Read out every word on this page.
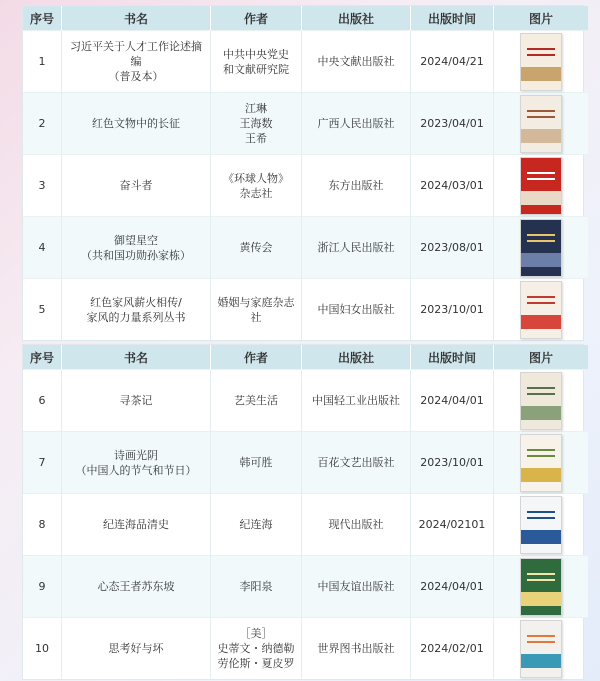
序号	书名	作者	出版社	出版时间	图片

1	习近平关于人才工作论述摘编
（普及本）	中共中央党史
和文献研究院	中央文献出版社	2024/04/21	

2	红色文物中的长征	江琳
王海数
王希	广西人民出版社	2023/04/01	

3	奋斗者	《环球人物》
杂志社	东方出版社	2024/03/01	

4	御望星空
（共和国功勋孙家栋）	黄传会	浙江人民出版社	2023/08/01	

5	红色家风薪火相传/
家风的力量系列丛书	婚姻与家庭杂志社	中国妇女出版社	2023/10/01	

序号	书名	作者	出版社	出版时间	图片

6	寻茶记	艺美生活	中国轻工业出版社	2024/04/01	

7	诗画光阴
（中国人的节气和节日）	韩可胜	百花文艺出版社	2023/10/01	

8	纪连海品清史	纪连海	现代出版社	2024/02101	

9	心态王者苏东坡	李阳泉	中国友谊出版社	2024/04/01	

10	思考好与坏	［美］
史蒂文・纳德勒
劳伦斯・夏皮罗	世界图书出版社	2024/02/01	
